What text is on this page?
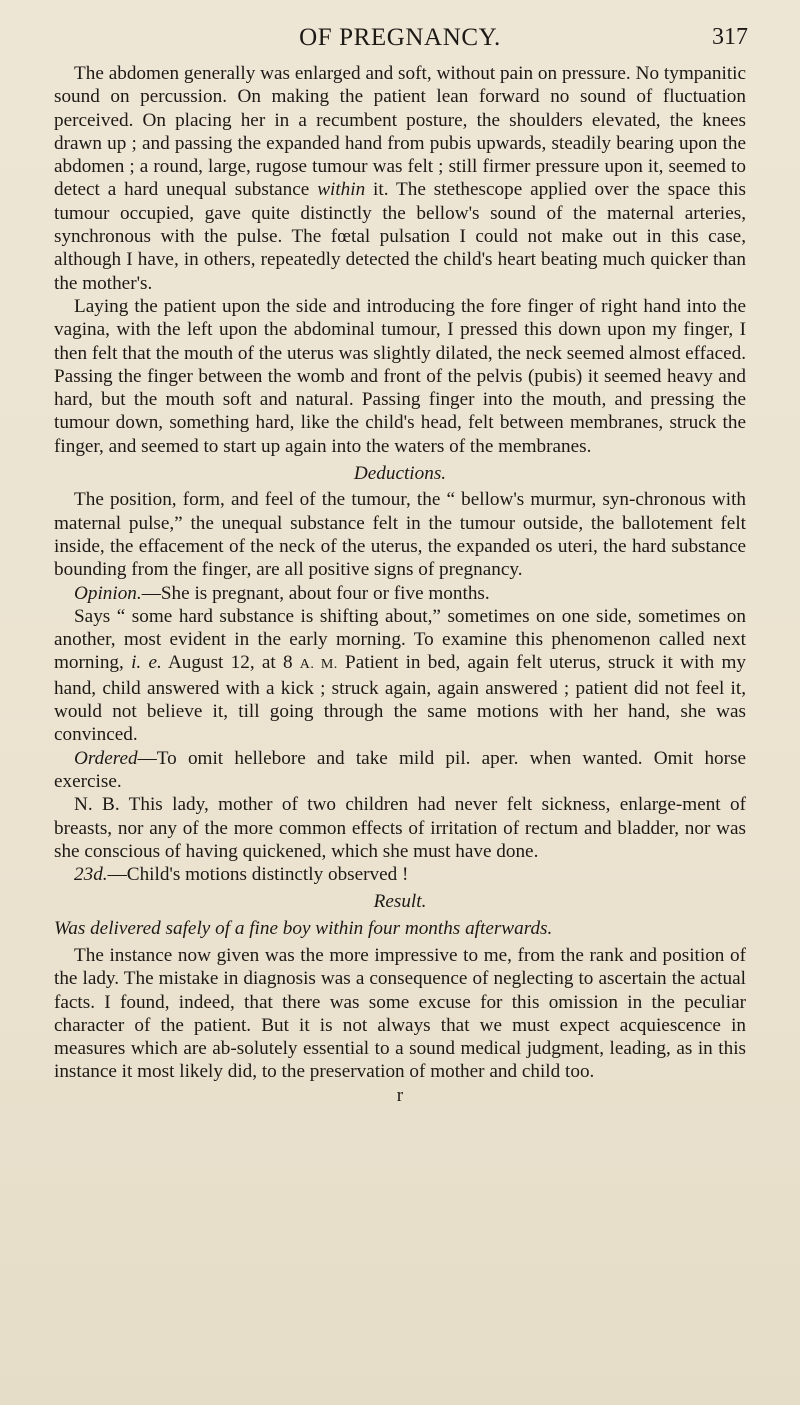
OF PREGNANCY.	317

The abdomen generally was enlarged and soft, without pain on pressure. No tympanitic sound on percussion. On making the patient lean forward no sound of fluctuation perceived. On placing her in a recumbent posture, the shoulders elevated, the knees drawn up ; and passing the expanded hand from pubis upwards, steadily bearing upon the abdomen ; a round, large, rugose tumour was felt ; still firmer pressure upon it, seemed to detect a hard unequal substance within it. The stethescope applied over the space this tumour occupied, gave quite distinctly the bellow's sound of the maternal arteries, synchronous with the pulse. The fœtal pulsation I could not make out in this case, although I have, in others, repeatedly detected the child's heart beating much quicker than the mother's.

Laying the patient upon the side and introducing the fore finger of right hand into the vagina, with the left upon the abdominal tumour, I pressed this down upon my finger, I then felt that the mouth of the uterus was slightly dilated, the neck seemed almost effaced. Passing the finger between the womb and front of the pelvis (pubis) it seemed heavy and hard, but the mouth soft and natural. Passing finger into the mouth, and pressing the tumour down, something hard, like the child's head, felt between membranes, struck the finger, and seemed to start up again into the waters of the membranes.

Deductions.

The position, form, and feel of the tumour, the “ bellow's murmur, syn-chronous with maternal pulse,” the unequal substance felt in the tumour outside, the ballotement felt inside, the effacement of the neck of the uterus, the expanded os uteri, the hard substance bounding from the finger, are all positive signs of pregnancy.

Opinion.—She is pregnant, about four or five months.

Says “ some hard substance is shifting about,” sometimes on one side, sometimes on another, most evident in the early morning. To examine this phenomenon called next morning, i. e. August 12, at 8 A. M. Patient in bed, again felt uterus, struck it with my hand, child answered with a kick ; struck again, again answered ; patient did not feel it, would not believe it, till going through the same motions with her hand, she was convinced.

Ordered—To omit hellebore and take mild pil. aper. when wanted. Omit horse exercise.

N. B. This lady, mother of two children had never felt sickness, enlarge-ment of breasts, nor any of the more common effects of irritation of rectum and bladder, nor was she conscious of having quickened, which she must have done.

23d.—Child's motions distinctly observed !

Result.

Was delivered safely of a fine boy within four months afterwards.

The instance now given was the more impressive to me, from the rank and position of the lady. The mistake in diagnosis was a consequence of neglecting to ascertain the actual facts. I found, indeed, that there was some excuse for this omission in the peculiar character of the patient. But it is not always that we must expect acquiescence in measures which are ab-solutely essential to a sound medical judgment, leading, as in this instance it most likely did, to the preservation of mother and child too.

r
